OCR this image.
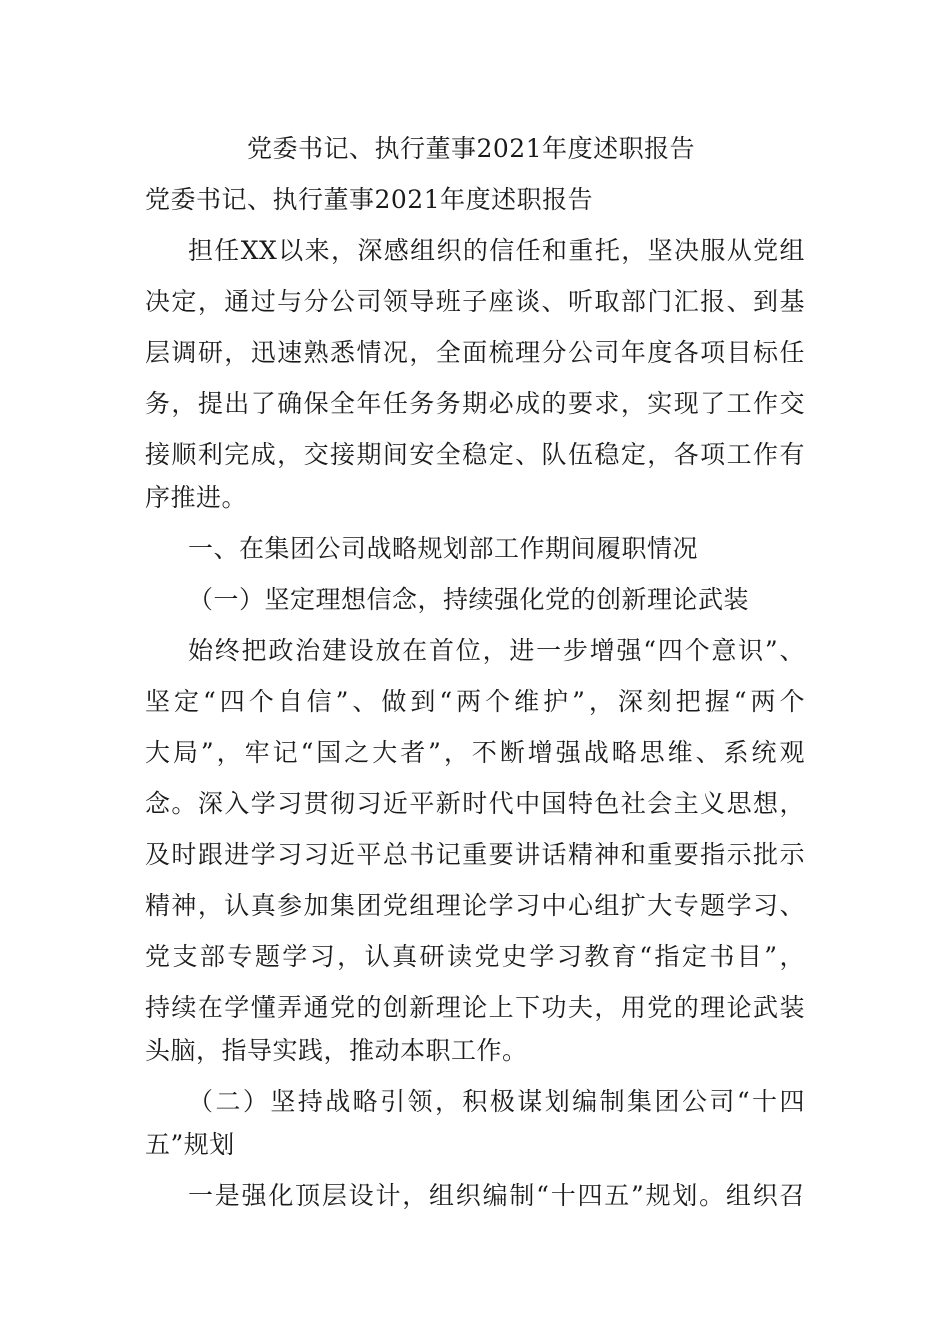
党委书记、执行董事2021年度述职报告
党委书记、执行董事2021年度述职报告
担任XX以来，深感组织的信任和重托，坚决服从党组
决定，通过与分公司领导班子座谈、听取部门汇报、到基
层调研，迅速熟悉情况，全面梳理分公司年度各项目标任
务，提出了确保全年任务务期必成的要求，实现了工作交
接顺利完成，交接期间安全稳定、队伍稳定，各项工作有
序推进。
一、在集团公司战略规划部工作期间履职情况
（一）坚定理想信念，持续强化党的创新理论武装
始终把政治建设放在首位，进一步增强“四个意识”、
坚定“四个自信”、做到“两个维护”，深刻把握“两个
大局”，牢记“国之大者”，不断增强战略思维、系统观
念。深入学习贯彻习近平新时代中国特色社会主义思想，
及时跟进学习习近平总书记重要讲话精神和重要指示批示
精神，认真参加集团党组理论学习中心组扩大专题学习、
党支部专题学习，认真研读党史学习教育“指定书目”，
持续在学懂弄通党的创新理论上下功夫，用党的理论武装
头脑，指导实践，推动本职工作。
（二）坚持战略引领，积极谋划编制集团公司“十四
五”规划
一是强化顶层设计，组织编制“十四五”规划。组织召
